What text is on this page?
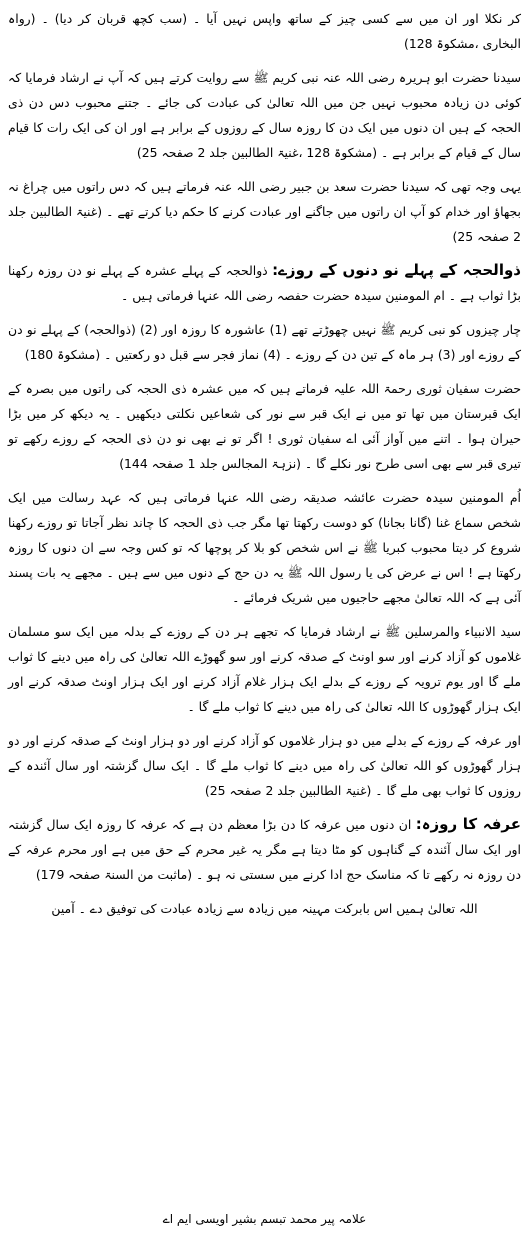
کر نکلا اور ان میں سے کسی چیز کے ساتھ واپس نہیں آیا ۔ (سب کچھ قربان کر دیا) ۔ (رواہ البخاری ،مشکوۃ 128)

سیدنا حضرت ابو ہریرہ رضی اللہ عنہ نبی کریم ﷺ سے روایت کرتے ہیں کہ آپ نے ارشاد فرمایا کہ کوئی دن زیادہ محبوب نہیں جن میں اللہ تعالیٰ کی عبادت کی جائے ۔ جتنے محبوب دس دن ذی الحجہ کے ہیں ان دنوں میں ایک دن کا روزہ سال کے روزوں کے برابر ہے اور ان کی ایک رات کا قیام سال کے قیام کے برابر ہے ۔ (مشکوۃ 128 ،غنیۃ الطالبین جلد 2 صفحہ 25)

یہی وجہ تھی کہ سیدنا حضرت سعد بن جبیر رضی اللہ عنہ فرماتے ہیں کہ دس راتوں میں چراغ نہ بجھاؤ اور خدام کو آپ ان راتوں میں جاگنے اور عبادت کرنے کا حکم دیا کرتے تھے ۔ (غنیۃ الطالبین جلد 2 صفحہ 25)

ذوالحجہ کے پہلے نو دنوں کے روزے: ذوالحجہ کے پہلے عشرہ کے پہلے نو دن روزہ رکھنا بڑا ثواب ہے ۔ ام المومنین سیدہ حضرت حفصہ رضی اللہ عنہا فرماتی ہیں ۔

چار چیزوں کو نبی کریم ﷺ نہیں چھوڑتے تھے (1) عاشورہ کا روزہ اور (2) (ذوالحجہ) کے پہلے نو دن کے روزے اور (3) ہر ماہ کے تین دن کے روزے ۔ (4) نماز فجر سے قبل دو رکعتیں ۔ (مشکوۃ 180)

حضرت سفیان ثوری رحمۃ اللہ علیہ فرماتے ہیں کہ میں عشرہ ذی الحجہ کی راتوں میں بصرہ کے ایک قبرستان میں تھا تو میں نے ایک قبر سے نور کی شعاعیں نکلتی دیکھیں ۔ یہ دیکھ کر میں بڑا حیران ہوا ۔ اتنے میں آواز آئی اے سفیان ثوری ! اگر تو نے بھی نو دن ذی الحجہ کے روزے رکھے تو تیری قبر سے بھی اسی طرح نور نکلے گا ۔ (نزہۃ المجالس جلد 1 صفحہ 144)

اُم المومنین سیدہ حضرت عائشہ صدیقہ رضی اللہ عنہا فرماتی ہیں کہ عہد رسالت میں ایک شخص سماع غنا (گانا بجانا) کو دوست رکھتا تھا مگر جب ذی الحجہ کا چاند نظر آجاتا تو روزے رکھنا شروع کر دیتا محبوب کبریا ﷺ نے اس شخص کو بلا کر پوچھا کہ تو کس وجہ سے ان دنوں کا روزہ رکھتا ہے ! اس نے عرض کی یا رسول اللہ ﷺ یہ دن حج کے دنوں میں سے ہیں ۔ مجھے یہ بات پسند آئی ہے کہ اللہ تعالیٰ مجھے حاجیوں میں شریک فرمائے ۔

سید الانبیاء والمرسلین ﷺ نے ارشاد فرمایا کہ تجھے ہر دن کے روزے کے بدلہ میں ایک سو مسلمان غلاموں کو آزاد کرنے اور سو اونٹ کے صدقہ کرنے اور سو گھوڑے اللہ تعالیٰ کی راہ میں دینے کا ثواب ملے گا اور یوم ترویہ کے روزے کے بدلے ایک ہزار غلام آزاد کرنے اور ایک ہزار اونٹ صدقہ کرنے اور ایک ہزار گھوڑوں کا اللہ تعالیٰ کی راہ میں دینے کا ثواب ملے گا ۔

اور عرفہ کے روزے کے بدلے میں دو ہزار غلاموں کو آزاد کرنے اور دو ہزار اونٹ کے صدقہ کرنے اور دو ہزار گھوڑوں کو اللہ تعالیٰ کی راہ میں دینے کا ثواب ملے گا ۔ ایک سال گزشتہ اور سال آئندہ کے روزوں کا ثواب بھی ملے گا ۔ (غنیۃ الطالبین جلد 2 صفحہ 25)

عرفہ کا روزہ: ان دنوں میں عرفہ کا دن بڑا معظم دن ہے کہ عرفہ کا روزہ ایک سال گزشتہ اور ایک سال آئندہ کے گناہوں کو مٹا دیتا ہے مگر یہ غیر محرم کے حق میں ہے اور محرم عرفہ کے دن روزہ نہ رکھے تا کہ مناسک حج ادا کرنے میں سستی نہ ہو ۔ (ماثبت من السنۃ صفحہ 179)

اللہ تعالیٰ ہمیں اس بابرکت مہینہ میں زیادہ سے زیادہ عبادت کی توفیق دے ۔ آمین

علامہ پیر محمد تبسم بشیر اویسی ایم اے
